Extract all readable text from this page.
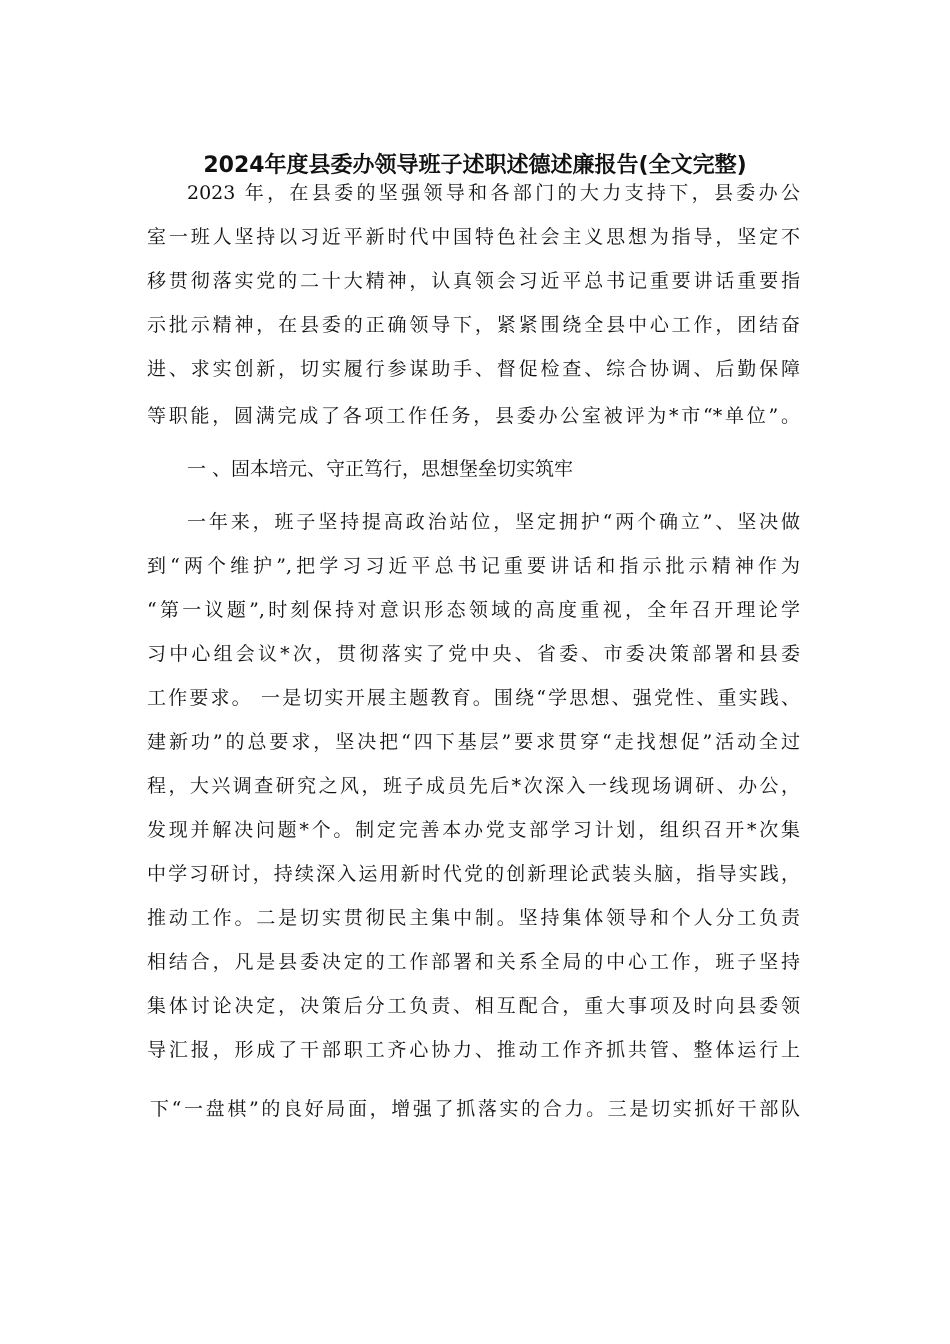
2024年度县委办领导班子述职述德述廉报告(全文完整)

2023 年，在县委的坚强领导和各部门的大力支持下，县委办公

室一班人坚持以习近平新时代中国特色社会主义思想为指导，坚定不

移贯彻落实党的二十大精神，认真领会习近平总书记重要讲话重要指

示批示精神，在县委的正确领导下，紧紧围绕全县中心工作，团结奋

进、求实创新，切实履行参谋助手、督促检查、综合协调、后勤保障

等职能，圆满完成了各项工作任务，县委办公室被评为*市“*单位”。

一 、固本培元、守正笃行，思想堡垒切实筑牢

一年来，班子坚持提高政治站位，坚定拥护“两个确立”、坚决做

到“两个维护”,把学习习近平总书记重要讲话和指示批示精神作为

“第一议题”,时刻保持对意识形态领域的高度重视，全年召开理论学

习中心组会议*次，贯彻落实了党中央、省委、市委决策部署和县委

工作要求。 一是切实开展主题教育。围绕“学思想、强党性、重实践、

建新功”的总要求，坚决把“四下基层”要求贯穿“走找想促”活动全过

程，大兴调查研究之风，班子成员先后*次深入一线现场调研、办公，

发现并解决问题*个。制定完善本办党支部学习计划，组织召开*次集

中学习研讨，持续深入运用新时代党的创新理论武装头脑，指导实践，

推动工作。二是切实贯彻民主集中制。坚持集体领导和个人分工负责

相结合，凡是县委决定的工作部署和关系全局的中心工作，班子坚持

集体讨论决定，决策后分工负责、相互配合，重大事项及时向县委领

导汇报，形成了干部职工齐心协力、推动工作齐抓共管、整体运行上

下“一盘棋”的良好局面，增强了抓落实的合力。三是切实抓好干部队
